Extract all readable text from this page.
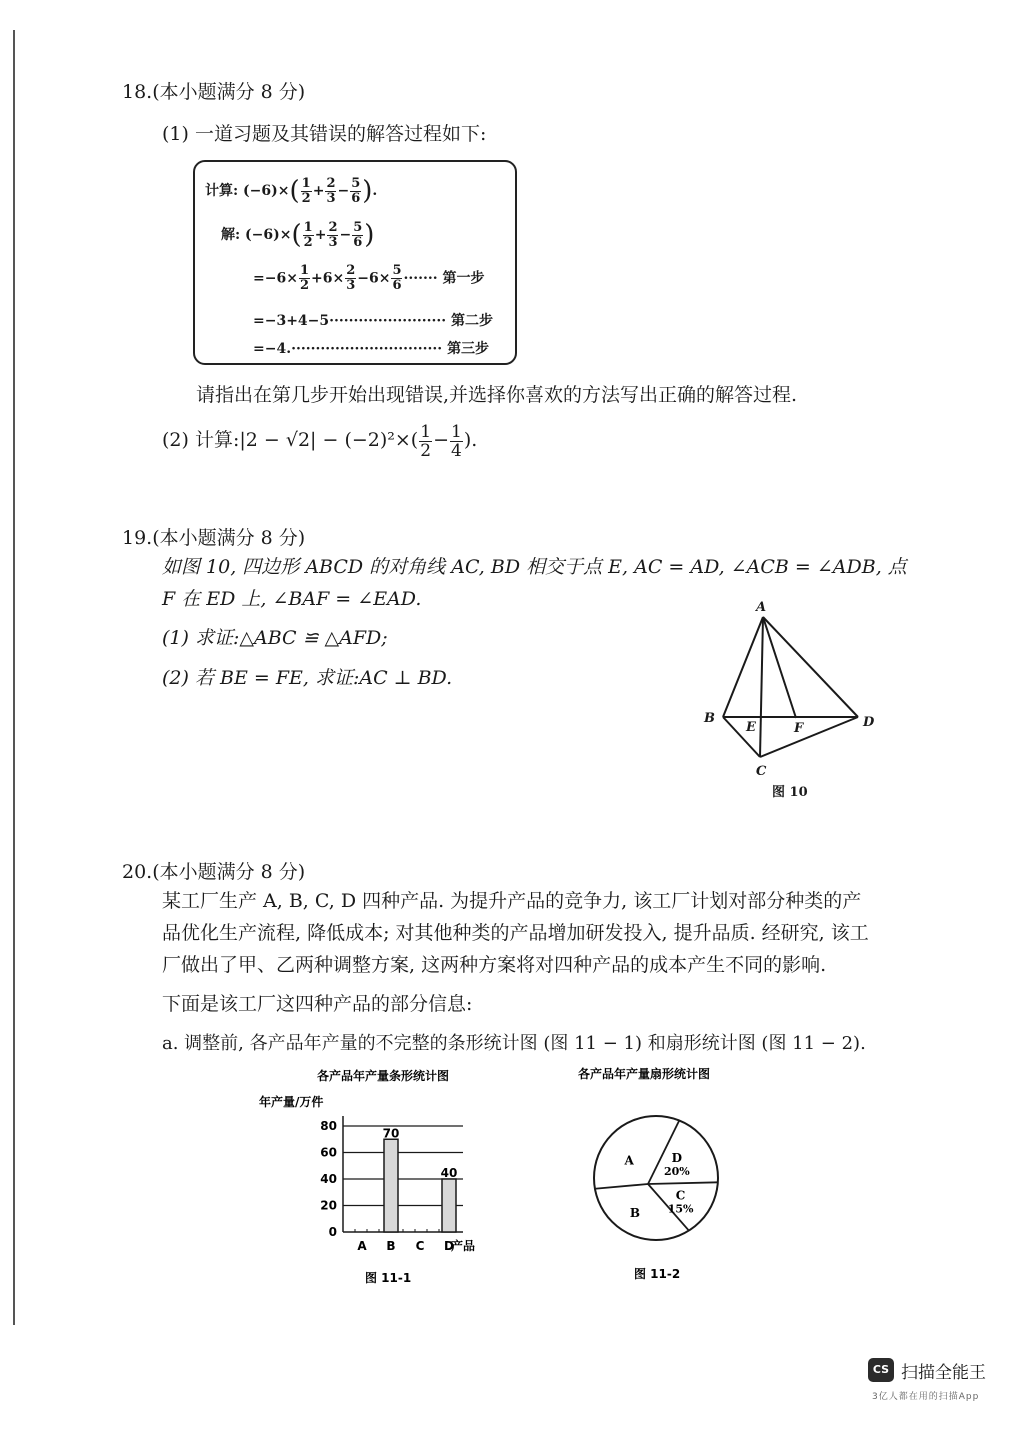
18.(本小题满分 8 分)
(1) 一道习题及其错误的解答过程如下:
计算: $(-6)\times( \frac{1}{2} + \frac{2}{3} - \frac{5}{6}$ ).
解: $(-6)\times( \frac{1}{2} + \frac{2}{3} - \frac{5}{6}$ )
$=-6\times \frac{1}{2} +6\times \frac{2}{3} -6\times \frac{5}{6}$ ······· 第一步
=−3+4−5························ 第二步
=−4.······························· 第三步
请指出在第几步开始出现错误,并选择你喜欢的方法写出正确的解答过程.
(2) 计算:|2 − $√2| - (-2)^2\times( \frac{1}{2} - \frac{1}{4}$ ).
19.(本小题满分 8 分)
如图 10, 四边形 ABCD 的对角线 AC, BD 相交于点 E, AC = AD, ∠ACB = ∠ADB, 点
F 在 ED 上, ∠BAF = ∠EAD.
(1) 求证:△ABC ≌ △AFD;
(2) 若 BE = FE, 求证:AC ⊥ BD.
A
B
C
D
E	F
图 10
20.(本小题满分 8 分)
某工厂生产 A, B, C, D 四种产品. 为提升产品的竞争力, 该工厂计划对部分种类的产
品优化生产流程, 降低成本; 对其他种类的产品增加研发投入, 提升品质. 经研究, 该工
厂做出了甲、乙两种调整方案, 这两种方案将对四种产品的成本产生不同的影响.
下面是该工厂这四种产品的部分信息:
a. 调整前, 各产品年产量的不完整的条形统计图 (图 11 − 1) 和扇形统计图 (图 11 − 2).
各产品年产量条形统计图
年产量/万件
产品
图 11-1
70
40
0
20
40
60
80
A B C D
各产品年产量扇形统计图
A	D
20%
C
15%
B
图 11-2
CS 扫描全能王
3亿人都在用的扫描App
